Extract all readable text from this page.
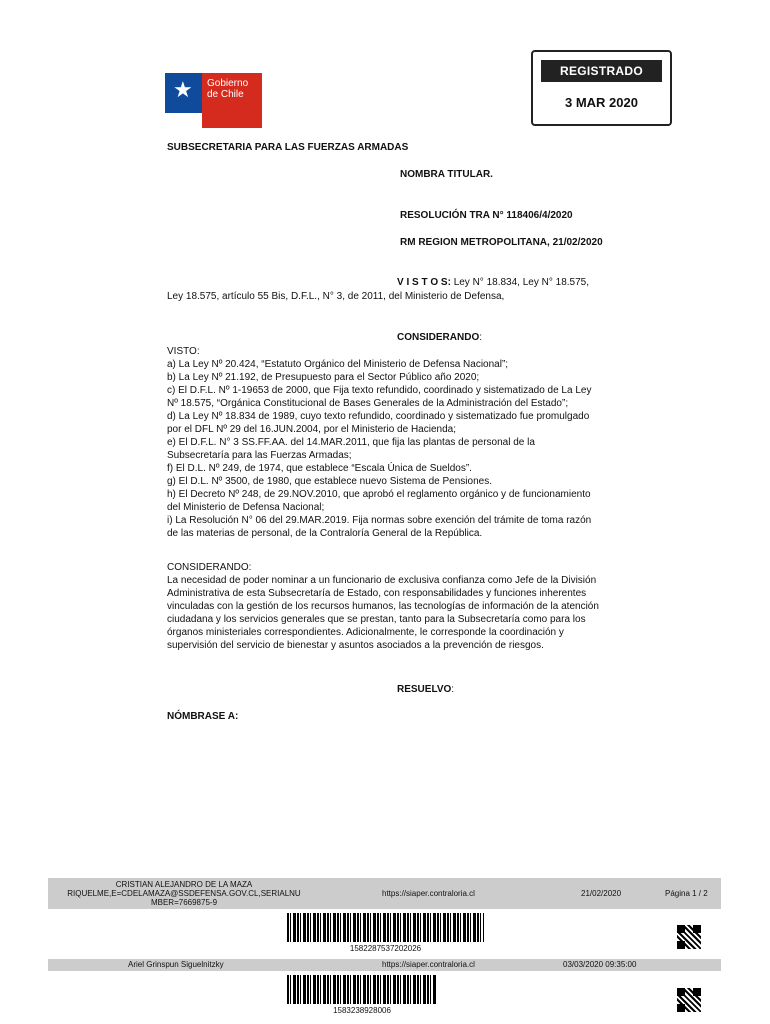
★ Gobierno
de Chile
REGISTRADO
3 MAR 2020
SUBSECRETARIA PARA LAS FUERZAS ARMADAS
NOMBRA TITULAR.
RESOLUCIÓN TRA N° 118406/4/2020
RM REGION METROPOLITANA, 21/02/2020
V I S T O S: Ley N° 18.834, Ley N° 18.575,
Ley 18.575, artículo 55 Bis, D.F.L., N° 3, de 2011, del Ministerio de Defensa,
CONSIDERANDO:
VISTO:
a) La Ley Nº 20.424, “Estatuto Orgánico del Ministerio de Defensa Nacional”;
b) La Ley Nº 21.192, de Presupuesto para el Sector Público año 2020;
c) El D.F.L. Nº 1-19653 de 2000, que Fija texto refundido, coordinado y sistematizado de La Ley
Nº 18.575, “Orgánica Constitucional de Bases Generales de la Administración del Estado”;
d) La Ley Nº 18.834 de 1989, cuyo texto refundido, coordinado y sistematizado fue promulgado
por el DFL Nº 29 del 16.JUN.2004, por el Ministerio de Hacienda;
e) El D.F.L. N° 3 SS.FF.AA. del 14.MAR.2011, que fija las plantas de personal de la
Subsecretaría para las Fuerzas Armadas;
f) El D.L. Nº 249, de 1974, que establece “Escala Única de Sueldos”.
g) El D.L. Nº 3500, de 1980, que establece nuevo Sistema de Pensiones.
h) El Decreto Nº 248, de 29.NOV.2010, que aprobó el reglamento orgánico y de funcionamiento
del Ministerio de Defensa Nacional;
i) La Resolución N° 06 del 29.MAR.2019. Fija normas sobre exención del trámite de toma razón
de las materias de personal, de la Contraloría General de la República.
CONSIDERANDO:
La necesidad de poder nominar a un funcionario de exclusiva confianza como Jefe de la División
Administrativa de esta Subsecretaría de Estado, con responsabilidades y funciones inherentes
vinculadas con la gestión de los recursos humanos, las tecnologías de información de la atención
ciudadana y los servicios generales que se prestan, tanto para la Subsecretaría como para los
órganos ministeriales correspondientes. Adicionalmente, le corresponde la coordinación y
supervisión del servicio de bienestar y asuntos asociados a la prevención de riesgos.
RESUELVO:
NÓMBRASE A:
CRISTIAN ALEJANDRO DE LA MAZA
RIQUELME,E=CDELAMAZA@SSDEFENSA.GOV.CL,SERIALNU
MBER=7669875-9
https://siaper.contraloria.cl	21/02/2020	Página 1 / 2
1582287537202026
Ariel Grinspun Siguelnitzky	https://siaper.contraloria.cl	03/03/2020 09:35:00
1583238928006
